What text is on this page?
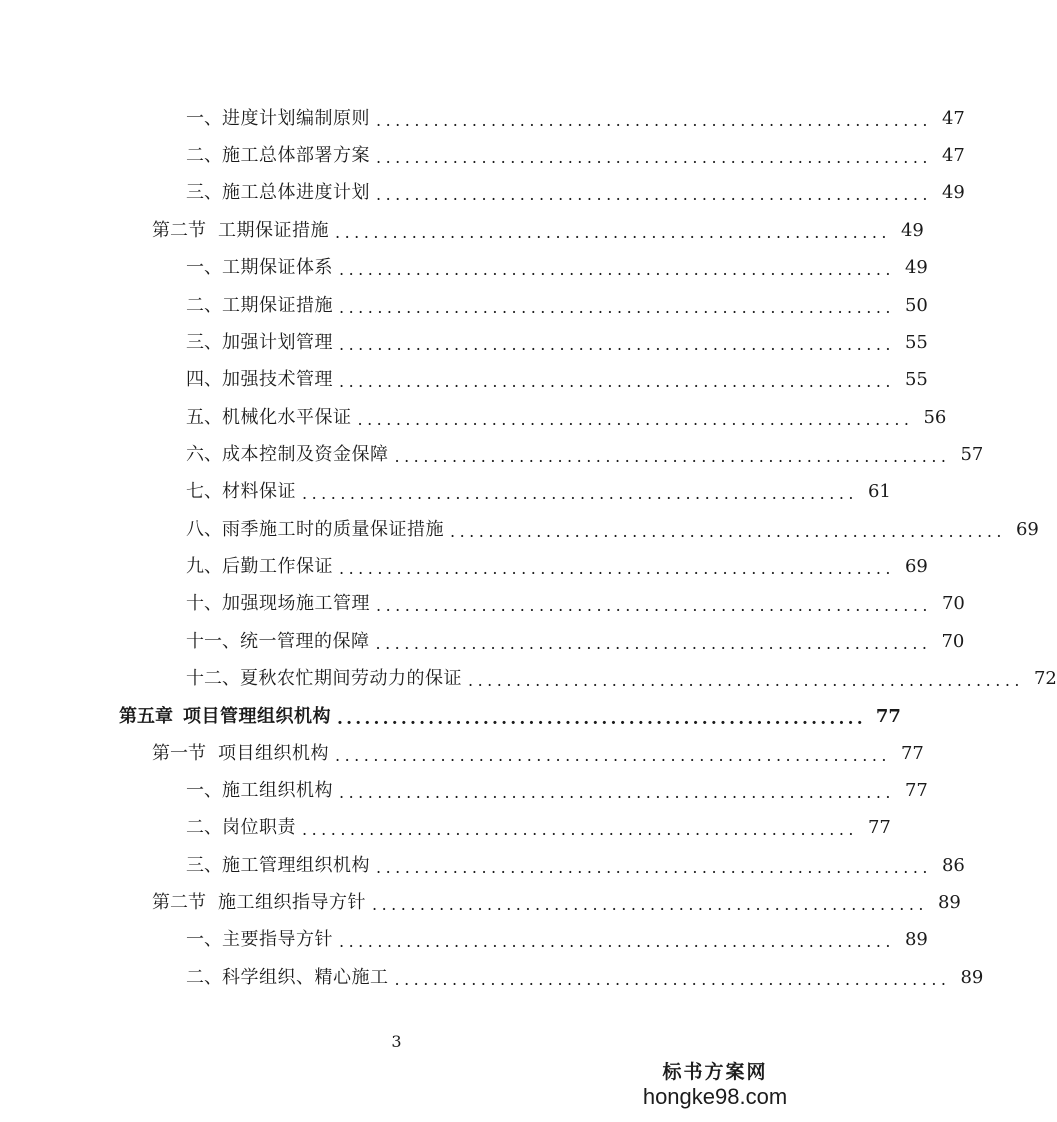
一、 进度计划编制原则 .......................................................... 47
二、 施工总体部署方案 .......................................................... 47
三、 施工总体进度计划 .......................................................... 49
第二节 工期保证措施 .......................................................... 49
一、 工期保证体系 .......................................................... 49
二、 工期保证措施 .......................................................... 50
三、 加强计划管理 .......................................................... 55
四、 加强技术管理 .......................................................... 55
五、 机械化水平保证 .......................................................... 56
六、 成本控制及资金保障 .......................................................... 57
七、 材料保证 .......................................................... 61
八、 雨季施工时的质量保证措施 .......................................................... 69
九、 后勤工作保证 .......................................................... 69
十、 加强现场施工管理 .......................................................... 70
十一、 统一管理的保障 .......................................................... 70
十二、 夏秋农忙期间劳动力的保证 .......................................................... 72
第五章 项目管理组织机构 .......................................................... 77
第一节 项目组织机构 .......................................................... 77
一、 施工组织机构 .......................................................... 77
二、 岗位职责 .......................................................... 77
三、 施工管理组织机构 .......................................................... 86
第二节 施工组织指导方针 .......................................................... 89
一、 主要指导方针 .......................................................... 89
二、 科学组织、精心施工 .......................................................... 89
3
标书方案网
hongke98.com
